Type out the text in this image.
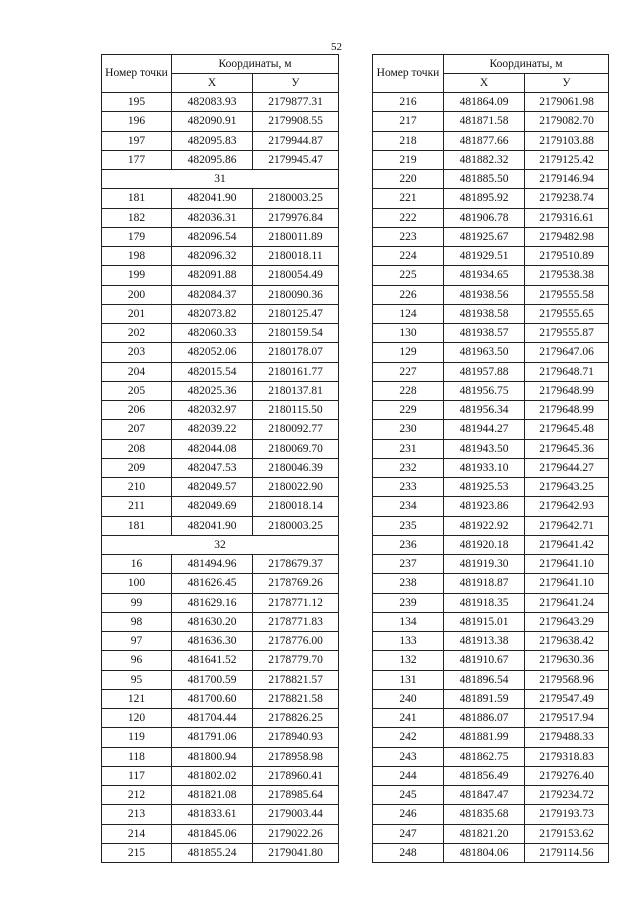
52
Номер точки	Координаты, м	
	X	У
195	482083.93	2179877.31
196	482090.91	2179908.55
197	482095.83	2179944.87
177	482095.86	2179945.47
31		
181	482041.90	2180003.25
182	482036.31	2179976.84
179	482096.54	2180011.89
198	482096.32	2180018.11
199	482091.88	2180054.49
200	482084.37	2180090.36
201	482073.82	2180125.47
202	482060.33	2180159.54
203	482052.06	2180178.07
204	482015.54	2180161.77
205	482025.36	2180137.81
206	482032.97	2180115.50
207	482039.22	2180092.77
208	482044.08	2180069.70
209	482047.53	2180046.39
210	482049.57	2180022.90
211	482049.69	2180018.14
181	482041.90	2180003.25
32		
16	481494.96	2178679.37
100	481626.45	2178769.26
99	481629.16	2178771.12
98	481630.20	2178771.83
97	481636.30	2178776.00
96	481641.52	2178779.70
95	481700.59	2178821.57
121	481700.60	2178821.58
120	481704.44	2178826.25
119	481791.06	2178940.93
118	481800.94	2178958.98
117	481802.02	2178960.41
212	481821.08	2178985.64
213	481833.61	2179003.44
214	481845.06	2179022.26
215	481855.24	2179041.80
Номер точки	Координаты, м	
	X	У
216	481864.09	2179061.98
217	481871.58	2179082.70
218	481877.66	2179103.88
219	481882.32	2179125.42
220	481885.50	2179146.94
221	481895.92	2179238.74
222	481906.78	2179316.61
223	481925.67	2179482.98
224	481929.51	2179510.89
225	481934.65	2179538.38
226	481938.56	2179555.58
124	481938.58	2179555.65
130	481938.57	2179555.87
129	481963.50	2179647.06
227	481957.88	2179648.71
228	481956.75	2179648.99
229	481956.34	2179648.99
230	481944.27	2179645.48
231	481943.50	2179645.36
232	481933.10	2179644.27
233	481925.53	2179643.25
234	481923.86	2179642.93
235	481922.92	2179642.71
236	481920.18	2179641.42
237	481919.30	2179641.10
238	481918.87	2179641.10
239	481918.35	2179641.24
134	481915.01	2179643.29
133	481913.38	2179638.42
132	481910.67	2179630.36
131	481896.54	2179568.96
240	481891.59	2179547.49
241	481886.07	2179517.94
242	481881.99	2179488.33
243	481862.75	2179318.83
244	481856.49	2179276.40
245	481847.47	2179234.72
246	481835.68	2179193.73
247	481821.20	2179153.62
248	481804.06	2179114.56
